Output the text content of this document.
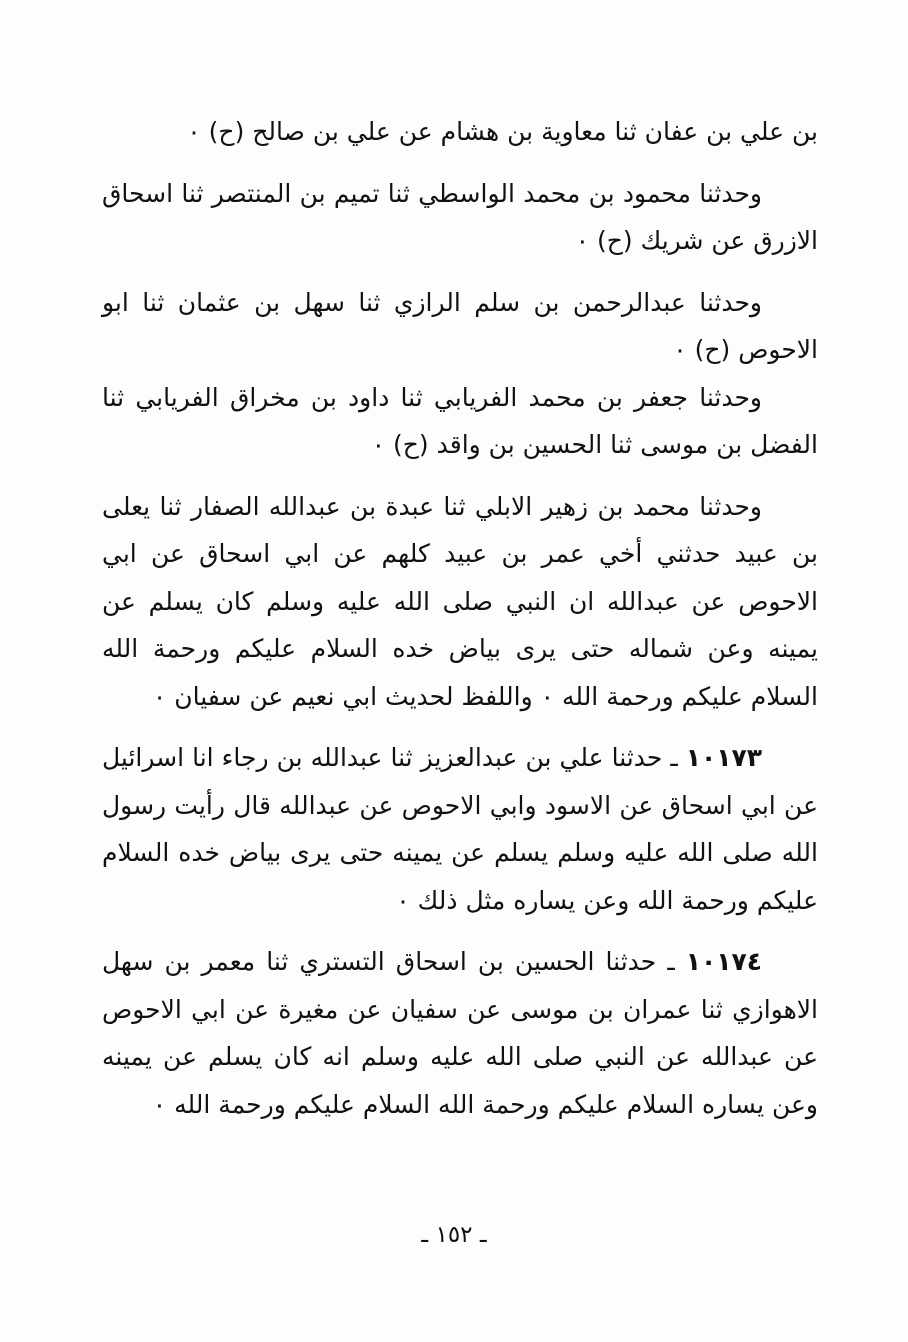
بن علي بن عفان ثنا معاوية بن هشام عن علي بن صالح (ح) ٠

وحدثنا محمود بن محمد الواسطي ثنا تميم بن المنتصر ثنا اسحاق الازرق عن شريك (ح) ٠

وحدثنا عبدالرحمن بن سلم الرازي ثنا سهل بن عثمان ثنا ابو الاحوص (ح) ٠

وحدثنا جعفر بن محمد الفريابي ثنا داود بن مخراق الفريابي ثنا الفضل بن موسى ثنا الحسين بن واقد (ح) ٠

وحدثنا محمد بن زهير الابلي ثنا عبدة بن عبدالله الصفار ثنا يعلى بن عبيد حدثني أخي عمر بن عبيد كلهم عن ابي اسحاق عن ابي الاحوص عن عبدالله ان النبي صلى الله عليه وسلم كان يسلم عن يمينه وعن شماله حتى يرى بياض خده السلام عليكم ورحمة الله السلام عليكم ورحمة الله ٠ واللفظ لحديث ابي نعيم عن سفيان ٠

١٠١٧٣ ـ حدثنا علي بن عبدالعزيز ثنا عبدالله بن رجاء انا اسرائيل عن ابي اسحاق عن الاسود وابي الاحوص عن عبدالله قال رأيت رسول الله صلى الله عليه وسلم يسلم عن يمينه حتى يرى بياض خده السلام عليكم ورحمة الله وعن يساره مثل ذلك ٠

١٠١٧٤ ـ حدثنا الحسين بن اسحاق التستري ثنا معمر بن سهل الاهوازي ثنا عمران بن موسى عن سفيان عن مغيرة عن ابي الاحوص عن عبدالله عن النبي صلى الله عليه وسلم انه كان يسلم عن يمينه وعن يساره السلام عليكم ورحمة الله السلام عليكم ورحمة الله ٠

ـ ١٥٢ ـ
